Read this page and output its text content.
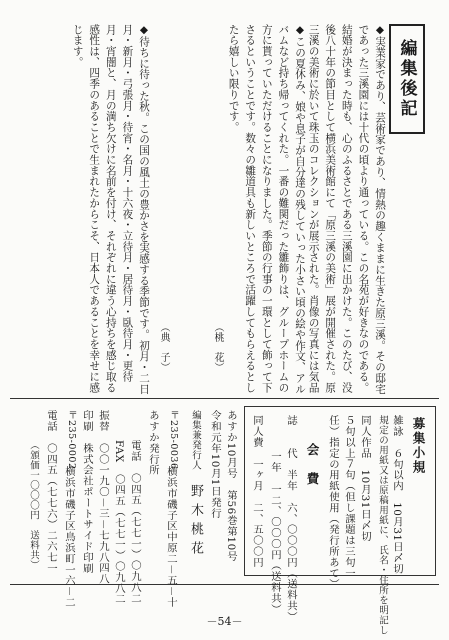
編集後記
◆実業家であり、芸術家であり、情熱の趣くままに生きた原三溪。その邸宅であった三溪園には十代の頃より通っている。この名苑が好きなのである。結婚が決まった時も、心のふるさとである三溪園に出かけた。このたび、没後八十年の節目として横浜美術館にて「原三溪の美術」展が開催された。原三溪の美術に於いて珠玉のコレクションが展示された。肖像の写真には気品
（桃　花）	◆この夏休み、娘や息子が自分達の残していった小さい頃の絵や作文、アルバムなど持ち帰ってくれた。一番の難関だった雛飾りは、グループホームの方に貰っていただけることになりました。季節の行事の一環として飾って下さるということです。数々の雛道具も新しいところで活躍してもらえるとしたら嬉しい限りです。
（典　子）
◆待ちに待った秋。この国の風土の豊かさを実感する季節です。初月・二日月・新月・弓張月・待宵・名月・十六夜・立待月・居待月・臥待月・更待月・宵闇と、月の満ち欠けに名前を付け、それぞれに違う心持ちを感じ取る感性は、四季のあることで生まれたからこそ、日本人であることを幸せに感じます。
募集小規
雑詠　６句以内　10月31日〆切
規定の用紙又は原稿用紙に、氏名・住所を明記し
同人作品　10月31日〆切
５句以上７句（但し課題は三句一
任）指定の用紙使用（発行所あて）
会　費
誌　　代　半年　六、〇〇〇円（送料共）
一年　一二、〇〇〇円（送料共）
同人費　一ヶ月　二、五〇〇円
あすか10月号　第56巻第10号
令和元年10月1日発行
編集兼発行人
野木桃花
〒235-0036
横浜市磯子区中原二－五－十
あすか発行所
電話　〇四五（七七一）〇九八二
FAX　〇四五（七七一）〇九八二
振替　〇〇一九〇－三－七九八四八
印刷　株式会社ポートサイド印刷
〒235-0002
横浜市磯子区鳥浜町一六－二
電話　〇四五（七七六）二六七一
（頒価一〇〇〇円　送料共）
－54－
